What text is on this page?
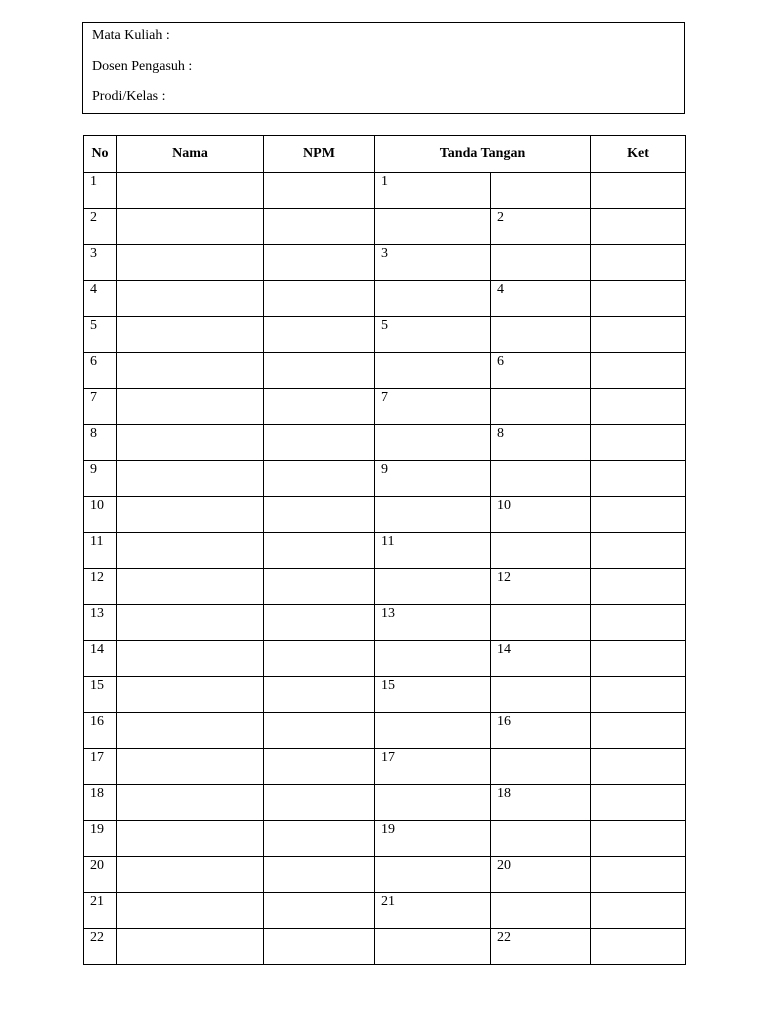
Mata Kuliah :
Dosen Pengasuh :
Prodi/Kelas :
No	Nama	NPM	Tanda Tangan		Ket

1			1		

2				2	

3			3		

4				4	

5			5		

6				6	

7			7		

8				8	

9			9		

10				10	

11			11		

12				12	

13			13		

14				14	

15			15		

16				16	

17			17		

18				18	

19			19		

20				20	

21			21		

22				22	
